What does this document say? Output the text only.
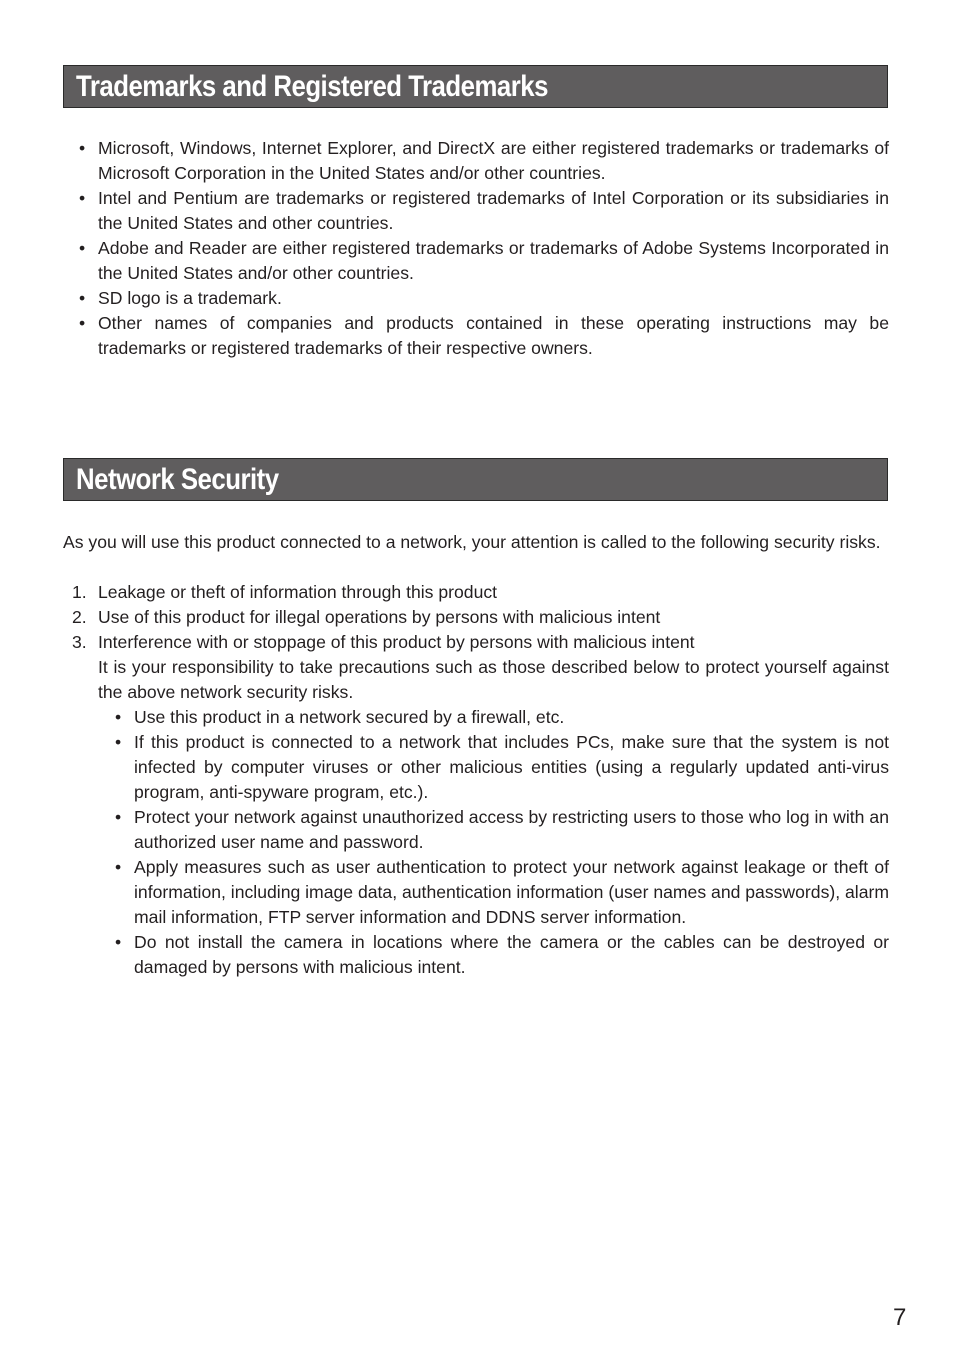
Trademarks and Registered Trademarks
• Microsoft, Windows, Internet Explorer, and DirectX are either registered trademarks or trademarks of Microsoft Corporation in the United States and/or other countries.
• Intel and Pentium are trademarks or registered trademarks of Intel Corporation or its subsidiaries in the United States and other countries.
• Adobe and Reader are either registered trademarks or trademarks of Adobe Systems Incorporated in the United States and/or other countries.
• SD logo is a trademark.
• Other names of companies and products contained in these operating instructions may be trademarks or registered trademarks of their respective owners.
Network Security

As you will use this product connected to a network, your attention is called to the following security risks.

1. Leakage or theft of information through this product
2. Use of this product for illegal operations by persons with malicious intent
3. Interference with or stoppage of this product by persons with malicious intent
It is your responsibility to take precautions such as those described below to protect yourself against the above network security risks.
• Use this product in a network secured by a firewall, etc.
• If this product is connected to a network that includes PCs, make sure that the system is not infected by computer viruses or other malicious entities (using a regularly updated anti-virus program, anti-spyware program, etc.).
• Protect your network against unauthorized access by restricting users to those who log in with an authorized user name and password.
• Apply measures such as user authentication to protect your network against leakage or theft of information, including image data, authentication information (user names and passwords), alarm mail information, FTP server information and DDNS server information.
• Do not install the camera in locations where the camera or the cables can be destroyed or damaged by persons with malicious intent.
7
